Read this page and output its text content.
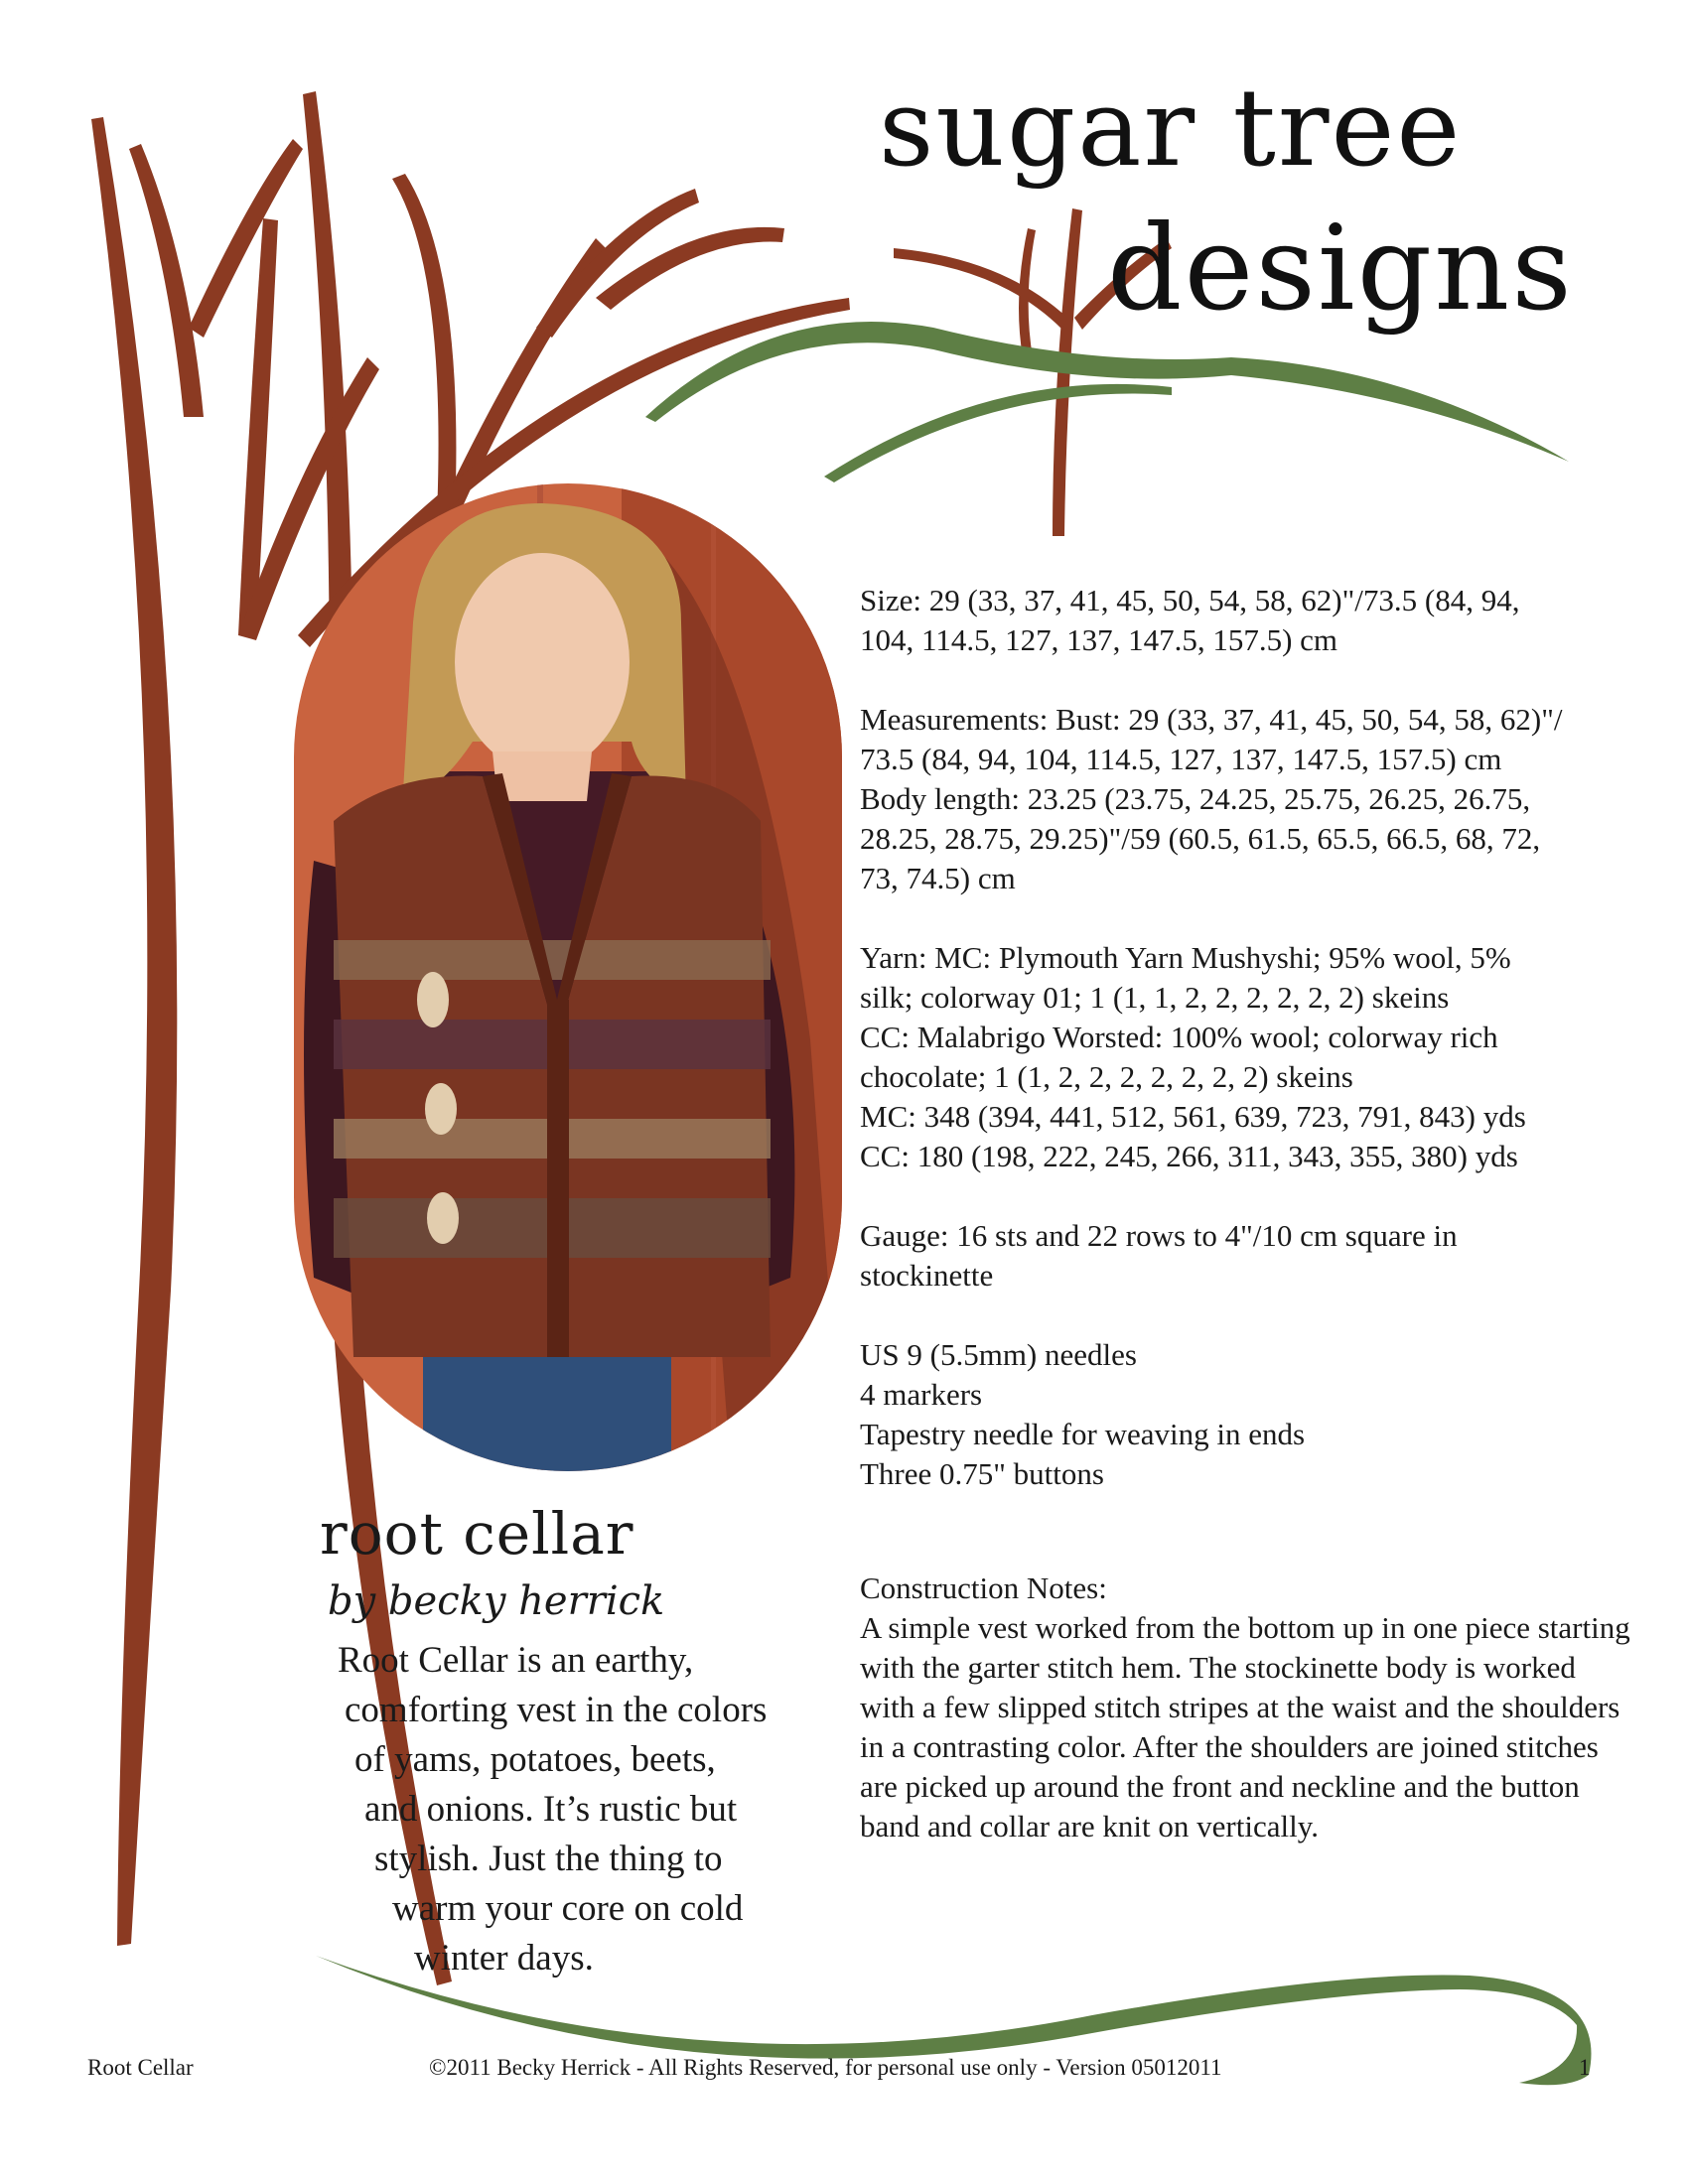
sugar tree
designs

Size: 29 (33, 37, 41, 45, 50, 54, 58, 62)"/73.5 (84, 94,
104, 114.5, 127, 137, 147.5, 157.5) cm

Measurements: Bust: 29 (33, 37, 41, 45, 50, 54, 58, 62)"/
73.5 (84, 94, 104, 114.5, 127, 137, 147.5, 157.5) cm
Body length: 23.25 (23.75, 24.25, 25.75, 26.25, 26.75,
28.25, 28.75, 29.25)"/59 (60.5, 61.5, 65.5, 66.5, 68, 72,
73, 74.5) cm

Yarn: MC: Plymouth Yarn Mushyshi; 95% wool, 5%
silk; colorway 01; 1 (1, 1, 2, 2, 2, 2, 2, 2) skeins
CC: Malabrigo Worsted: 100% wool; colorway rich
chocolate; 1 (1, 2, 2, 2, 2, 2, 2, 2) skeins
MC: 348 (394, 441, 512, 561, 639, 723, 791, 843) yds
CC: 180 (198, 222, 245, 266, 311, 343, 355, 380) yds

Gauge: 16 sts and 22 rows to 4"/10 cm square in
stockinette

US 9 (5.5mm) needles
4 markers
Tapestry needle for weaving in ends
Three 0.75" buttons

Construction Notes:
A simple vest worked from the bottom up in one piece starting with the garter stitch hem. The stockinette body is worked with a few slipped stitch stripes at the waist and the shoulders in a contrasting color. After the shoulders are joined stitches are picked up around the front and neckline and the button band and collar are knit on vertically.
root cellar

by becky herrick

Root Cellar is an earthy,
comforting vest in the colors
of yams, potatoes, beets,
and onions. It’s rustic but
stylish. Just the thing to
warm your core on cold
winter days.
Root Cellar	©2011 Becky Herrick - All Rights Reserved, for personal use only - Version 05012011	1
